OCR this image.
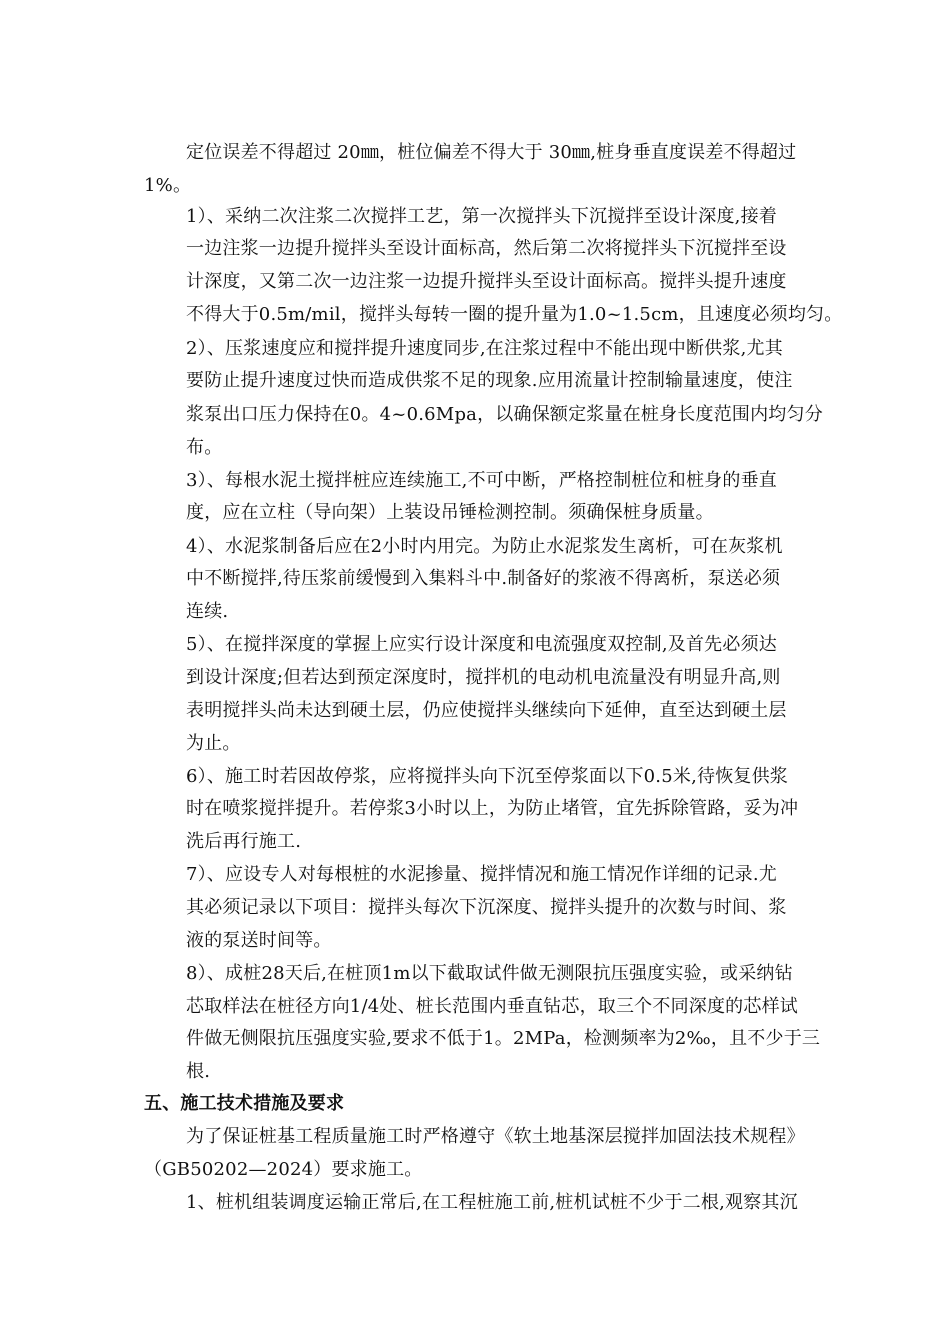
定位误差不得超过 20㎜，桩位偏差不得大于 30㎜,桩身垂直度误差不得超过
1%。
1）、采纳二次注浆二次搅拌工艺，第一次搅拌头下沉搅拌至设计深度,接着
一边注浆一边提升搅拌头至设计面标高，然后第二次将搅拌头下沉搅拌至设
计深度，又第二次一边注浆一边提升搅拌头至设计面标高。搅拌头提升速度
不得大于0.5m/mil，搅拌头每转一圈的提升量为1.0~1.5cm，且速度必须均匀。
2）、压浆速度应和搅拌提升速度同步,在注浆过程中不能出现中断供浆,尤其
要防止提升速度过快而造成供浆不足的现象.应用流量计控制输量速度，使注
浆泵出口压力保持在0。4~0.6Mpa，以确保额定浆量在桩身长度范围内均匀分
布。
3）、每根水泥土搅拌桩应连续施工,不可中断，严格控制桩位和桩身的垂直
度，应在立柱（导向架）上装设吊锤检测控制。须确保桩身质量。
4）、水泥浆制备后应在2小时内用完。为防止水泥浆发生离析，可在灰浆机
中不断搅拌,待压浆前缓慢到入集料斗中.制备好的浆液不得离析，泵送必须
连续.
5）、在搅拌深度的掌握上应实行设计深度和电流强度双控制,及首先必须达
到设计深度;但若达到预定深度时，搅拌机的电动机电流量没有明显升高,则
表明搅拌头尚未达到硬土层，仍应使搅拌头继续向下延伸，直至达到硬土层
为止。
6）、施工时若因故停浆，应将搅拌头向下沉至停浆面以下0.5米,待恢复供浆
时在喷浆搅拌提升。若停浆3小时以上，为防止堵管，宜先拆除管路，妥为冲
洗后再行施工.
7）、应设专人对每根桩的水泥掺量、搅拌情况和施工情况作详细的记录.尤
其必须记录以下项目：搅拌头每次下沉深度、搅拌头提升的次数与时间、浆
液的泵送时间等。
8）、成桩28天后,在桩顶1m以下截取试件做无测限抗压强度实验，或采纳钻
芯取样法在桩径方向1/4处、桩长范围内垂直钻芯，取三个不同深度的芯样试
件做无侧限抗压强度实验,要求不低于1。2MPa，检测频率为2‰，且不少于三
根.
五、施工技术措施及要求
为了保证桩基工程质量施工时严格遵守《软土地基深层搅拌加固法技术规程》
（GB50202—2024）要求施工。
1、桩机组装调度运输正常后,在工程桩施工前,桩机试桩不少于二根,观察其沉
